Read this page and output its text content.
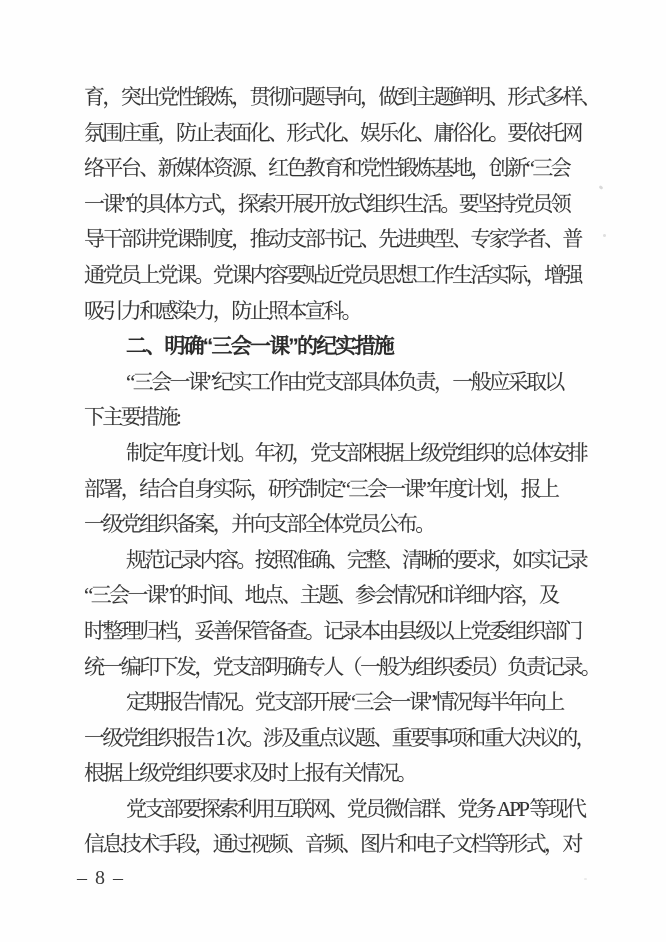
育，突出党性锻炼，贯彻问题导向，做到主题鲜明、形式多样、
氛围庄重，防止表面化、形式化、娱乐化、庸俗化。要依托网
络平台、新媒体资源、红色教育和党性锻炼基地，创新“三会
一课”的具体方式，探索开展开放式组织生活。要坚持党员领
导干部讲党课制度，推动支部书记、先进典型、专家学者、普
通党员上党课。党课内容要贴近党员思想工作生活实际，增强
吸引力和感染力，防止照本宣科。
二、明确“三会一课”的纪实措施
“三会一课”纪实工作由党支部具体负责，一般应采取以
下主要措施:
制定年度计划。年初，党支部根据上级党组织的总体安排
部署，结合自身实际，研究制定“三会一课”年度计划，报上
一级党组织备案，并向支部全体党员公布。
规范记录内容。按照准确、完整、清晰的要求，如实记录
“三会一课”的时间、地点、主题、参会情况和详细内容，及
时整理归档，妥善保管备查。记录本由县级以上党委组织部门
统一编印下发，党支部明确专人（一般为组织委员）负责记录。
定期报告情况。党支部开展“三会一课”情况每半年向上
一级党组织报告 1 次。涉及重点议题、重要事项和重大决议的，
根据上级党组织要求及时上报有关情况。
党支部要探索利用互联网、党员微信群、党务 APP 等现代
信息技术手段，通过视频、音频、图片和电子文档等形式，对
– 8 –
